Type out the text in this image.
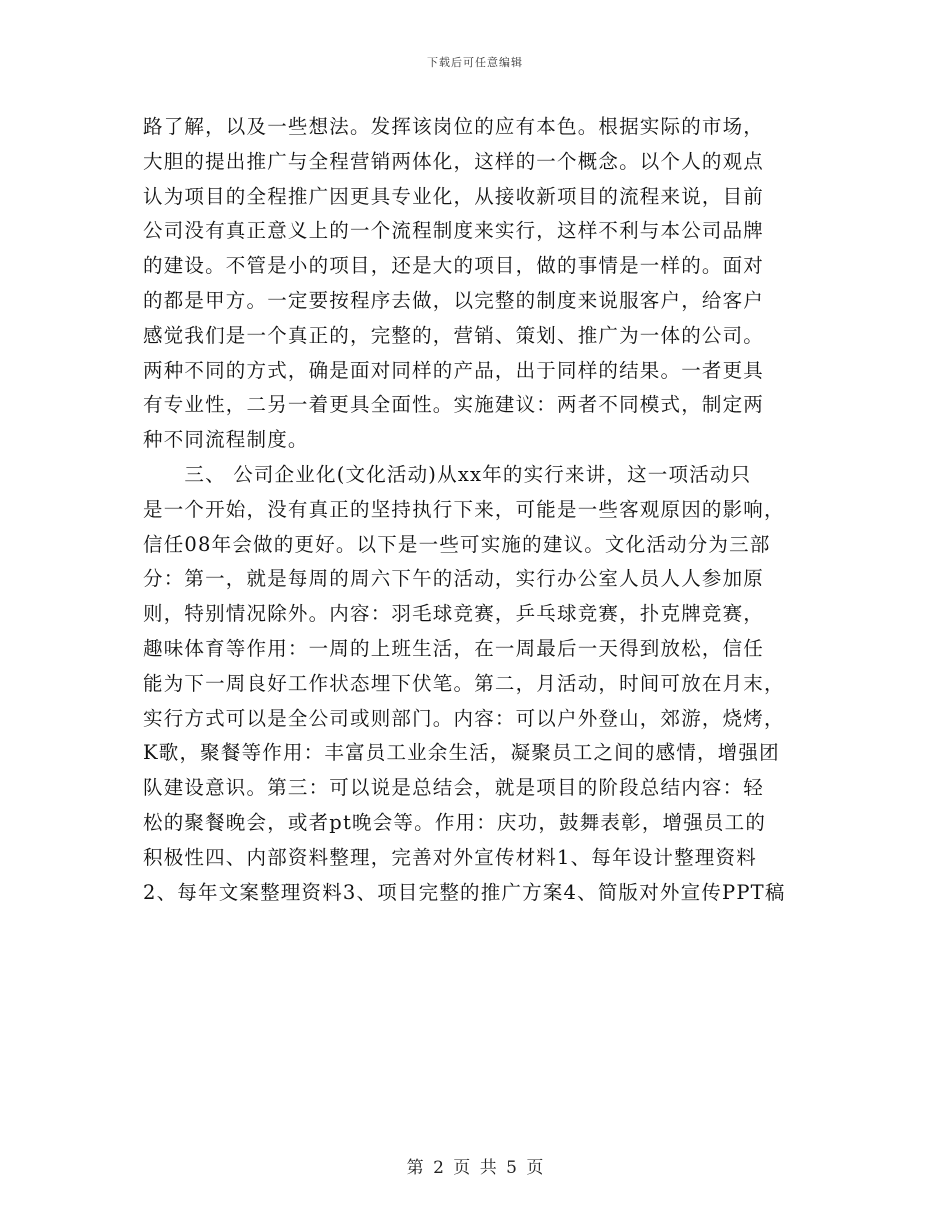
下载后可任意编辑

路了解，以及一些想法。发挥该岗位的应有本色。根据实际的市场，

大胆的提出推广与全程营销两体化，这样的一个概念。以个人的观点

认为项目的全程推广因更具专业化，从接收新项目的流程来说，目前

公司没有真正意义上的一个流程制度来实行，这样不利与本公司品牌

的建设。不管是小的项目，还是大的项目，做的事情是一样的。面对

的都是甲方。一定要按程序去做，以完整的制度来说服客户，给客户

感觉我们是一个真正的，完整的，营销、策划、推广为一体的公司。

两种不同的方式，确是面对同样的产品，出于同样的结果。一者更具

有专业性，二另一着更具全面性。实施建议：两者不同模式，制定两

种不同流程制度。

　　三、 公司企业化(文化活动)从xx年的实行来讲，这一项活动只

是一个开始，没有真正的坚持执行下来，可能是一些客观原因的影响，

信任08年会做的更好。以下是一些可实施的建议。文化活动分为三部

分：第一，就是每周的周六下午的活动，实行办公室人员人人参加原

则，特别情况除外。内容：羽毛球竞赛，乒乓球竞赛，扑克牌竞赛，

趣味体育等作用：一周的上班生活，在一周最后一天得到放松，信任

能为下一周良好工作状态埋下伏笔。第二，月活动，时间可放在月末，

实行方式可以是全公司或则部门。内容：可以户外登山，郊游，烧烤，

K歌，聚餐等作用：丰富员工业余生活，凝聚员工之间的感情，增强团

队建设意识。第三：可以说是总结会，就是项目的阶段总结内容：轻

松的聚餐晚会，或者pt晚会等。作用：庆功，鼓舞表彰，增强员工的

积极性四、内部资料整理，完善对外宣传材料1、每年设计整理资料

2、每年文案整理资料3、项目完整的推广方案4、简版对外宣传PPT稿

第 2 页 共 5 页
